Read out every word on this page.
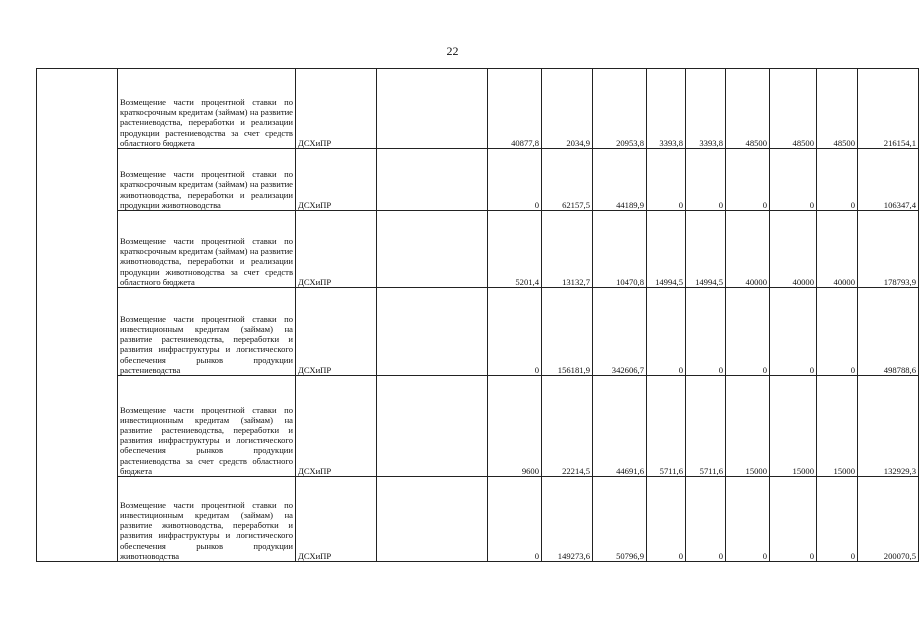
22
	Возмещение части процентной ставки по краткосрочным кредитам (займам) на развитие растениеводства, переработки и реализации продукции растениеводства за счет средств областного бюджета	ДСХиПР		40877,8	2034,9	20953,8	3393,8	3393,8	48500	48500	48500	216154,1
	Возмещение части процентной ставки по краткосрочным кредитам (займам) на развитие животноводства, переработки и реализации продукции животноводства	ДСХиПР		0	62157,5	44189,9	0	0	0	0	0	106347,4
	Возмещение части процентной ставки по краткосрочным кредитам (займам) на развитие животноводства, переработки и реализации продукции животноводства за счет средств областного бюджета	ДСХиПР		5201,4	13132,7	10470,8	14994,5	14994,5	40000	40000	40000	178793,9
	Возмещение части процентной ставки по инвестиционным кредитам (займам) на развитие растениеводства, переработки и развития инфраструктуры и логистического обеспечения рынков продукции растениеводства	ДСХиПР		0	156181,9	342606,7	0	0	0	0	0	498788,6
	Возмещение части процентной ставки по инвестиционным кредитам (займам) на развитие растениеводства, переработки и развития инфраструктуры и логистического обеспечения рынков продукции растениеводства за счет средств областного бюджета	ДСХиПР		9600	22214,5	44691,6	5711,6	5711,6	15000	15000	15000	132929,3
	Возмещение части процентной ставки по инвестиционным кредитам (займам) на развитие животноводства, переработки и развития инфраструктуры и логистического обеспечения рынков продукции животноводства	ДСХиПР		0	149273,6	50796,9	0	0	0	0	0	200070,5
